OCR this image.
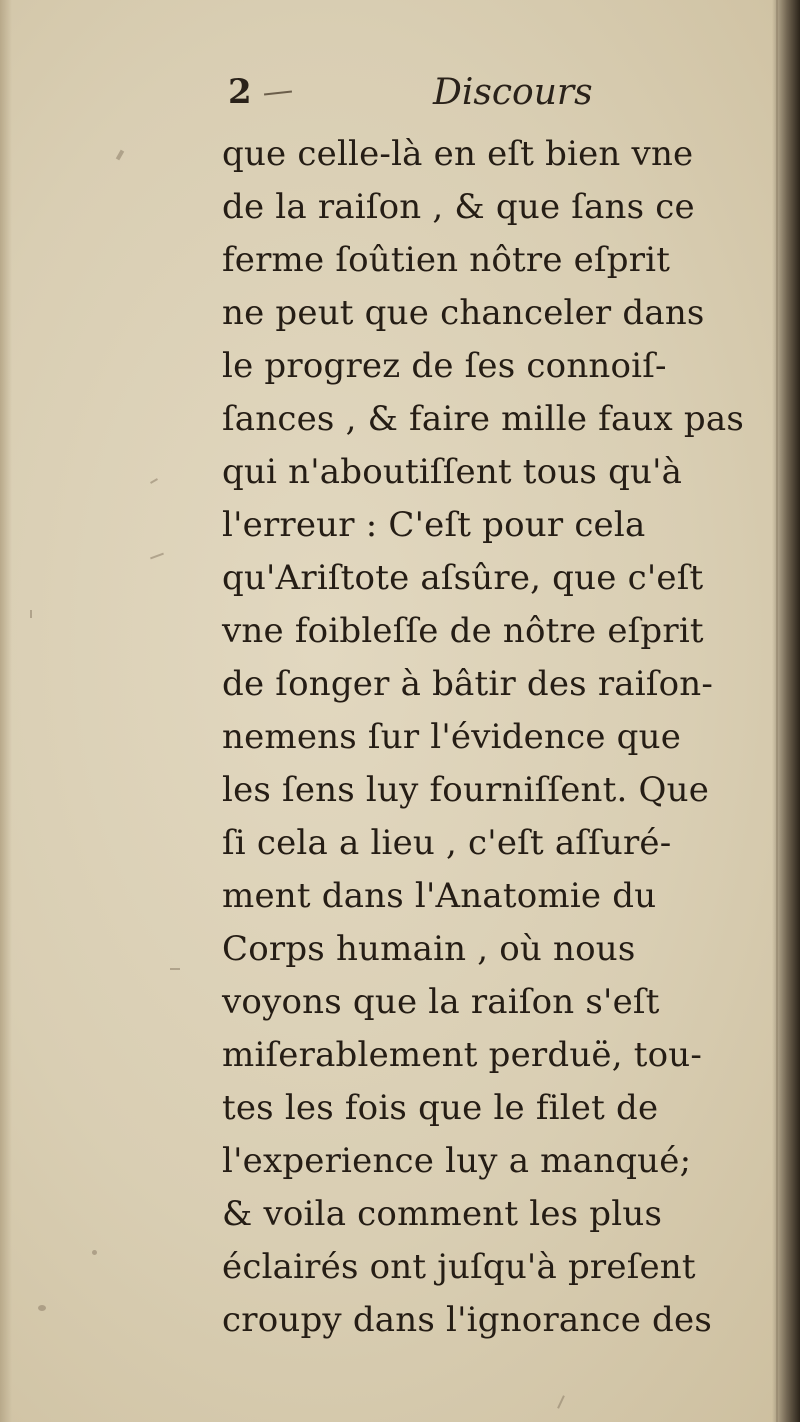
2	Discours
que celle-là en eſt bien vne
de la raiſon , & que ſans ce
ferme ſoûtien nôtre eſprit
ne peut que chanceler dans
le progrez de ſes connoiſ-
ſances , & faire mille faux pas
qui n'aboutiſſent tous qu'à
l'erreur : C'eſt pour cela
qu'Ariſtote aſsûre, que c'eſt
vne foibleſſe de nôtre eſprit
de ſonger à bâtir des raiſon-
nemens ſur l'évidence que
les ſens luy fourniſſent. Que
ſi cela a lieu , c'eſt aſſuré-
ment dans l'Anatomie du
Corps humain , où nous
voyons que la raiſon s'eſt
miſerablement perduë, tou-
tes les fois que le filet de
l'experience luy a manqué;
& voila comment les plus
éclairés ont juſqu'à preſent
croupy dans l'ignorance des
